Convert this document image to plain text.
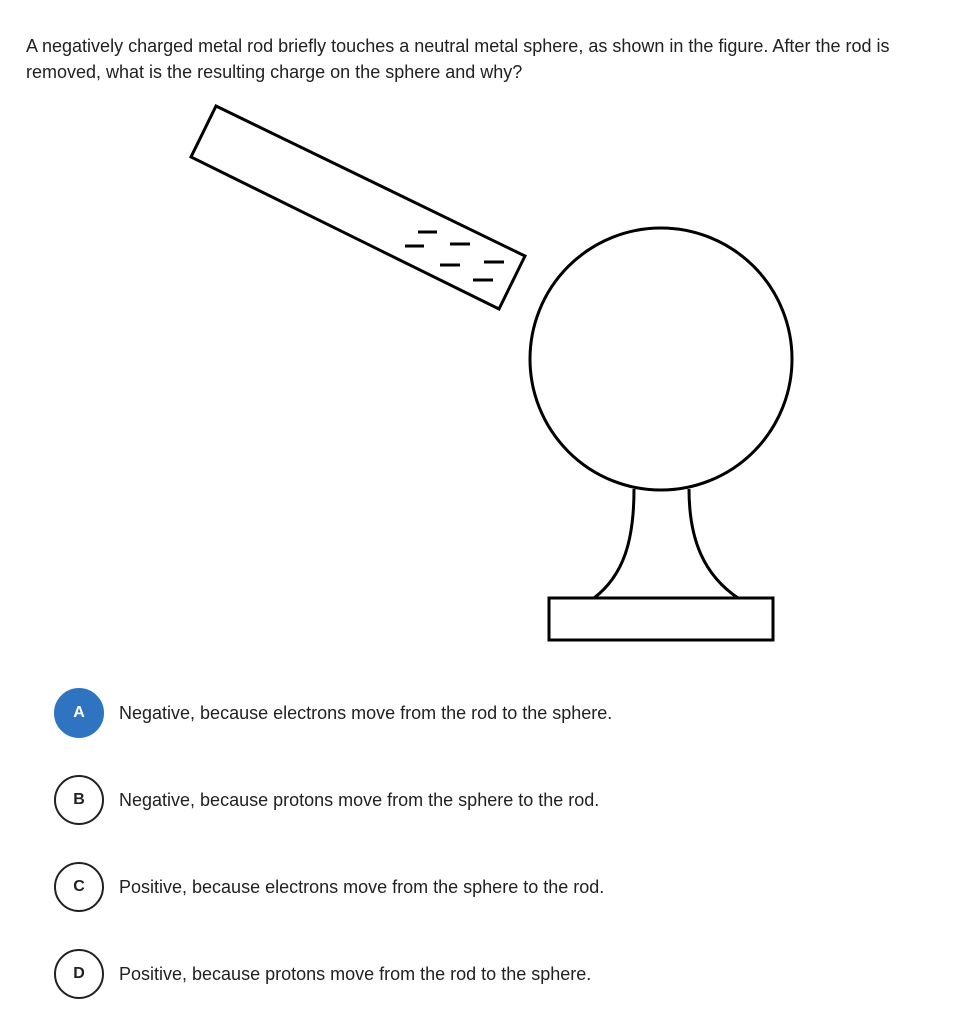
A negatively charged metal rod briefly touches a neutral metal sphere, as shown in the figure. After the rod is removed, what is the resulting charge on the sphere and why?

A	Negative, because electrons move from the rod to the sphere.
B	Negative, because protons move from the sphere to the rod.
C	Positive, because electrons move from the sphere to the rod.
D	Positive, because protons move from the rod to the sphere.
